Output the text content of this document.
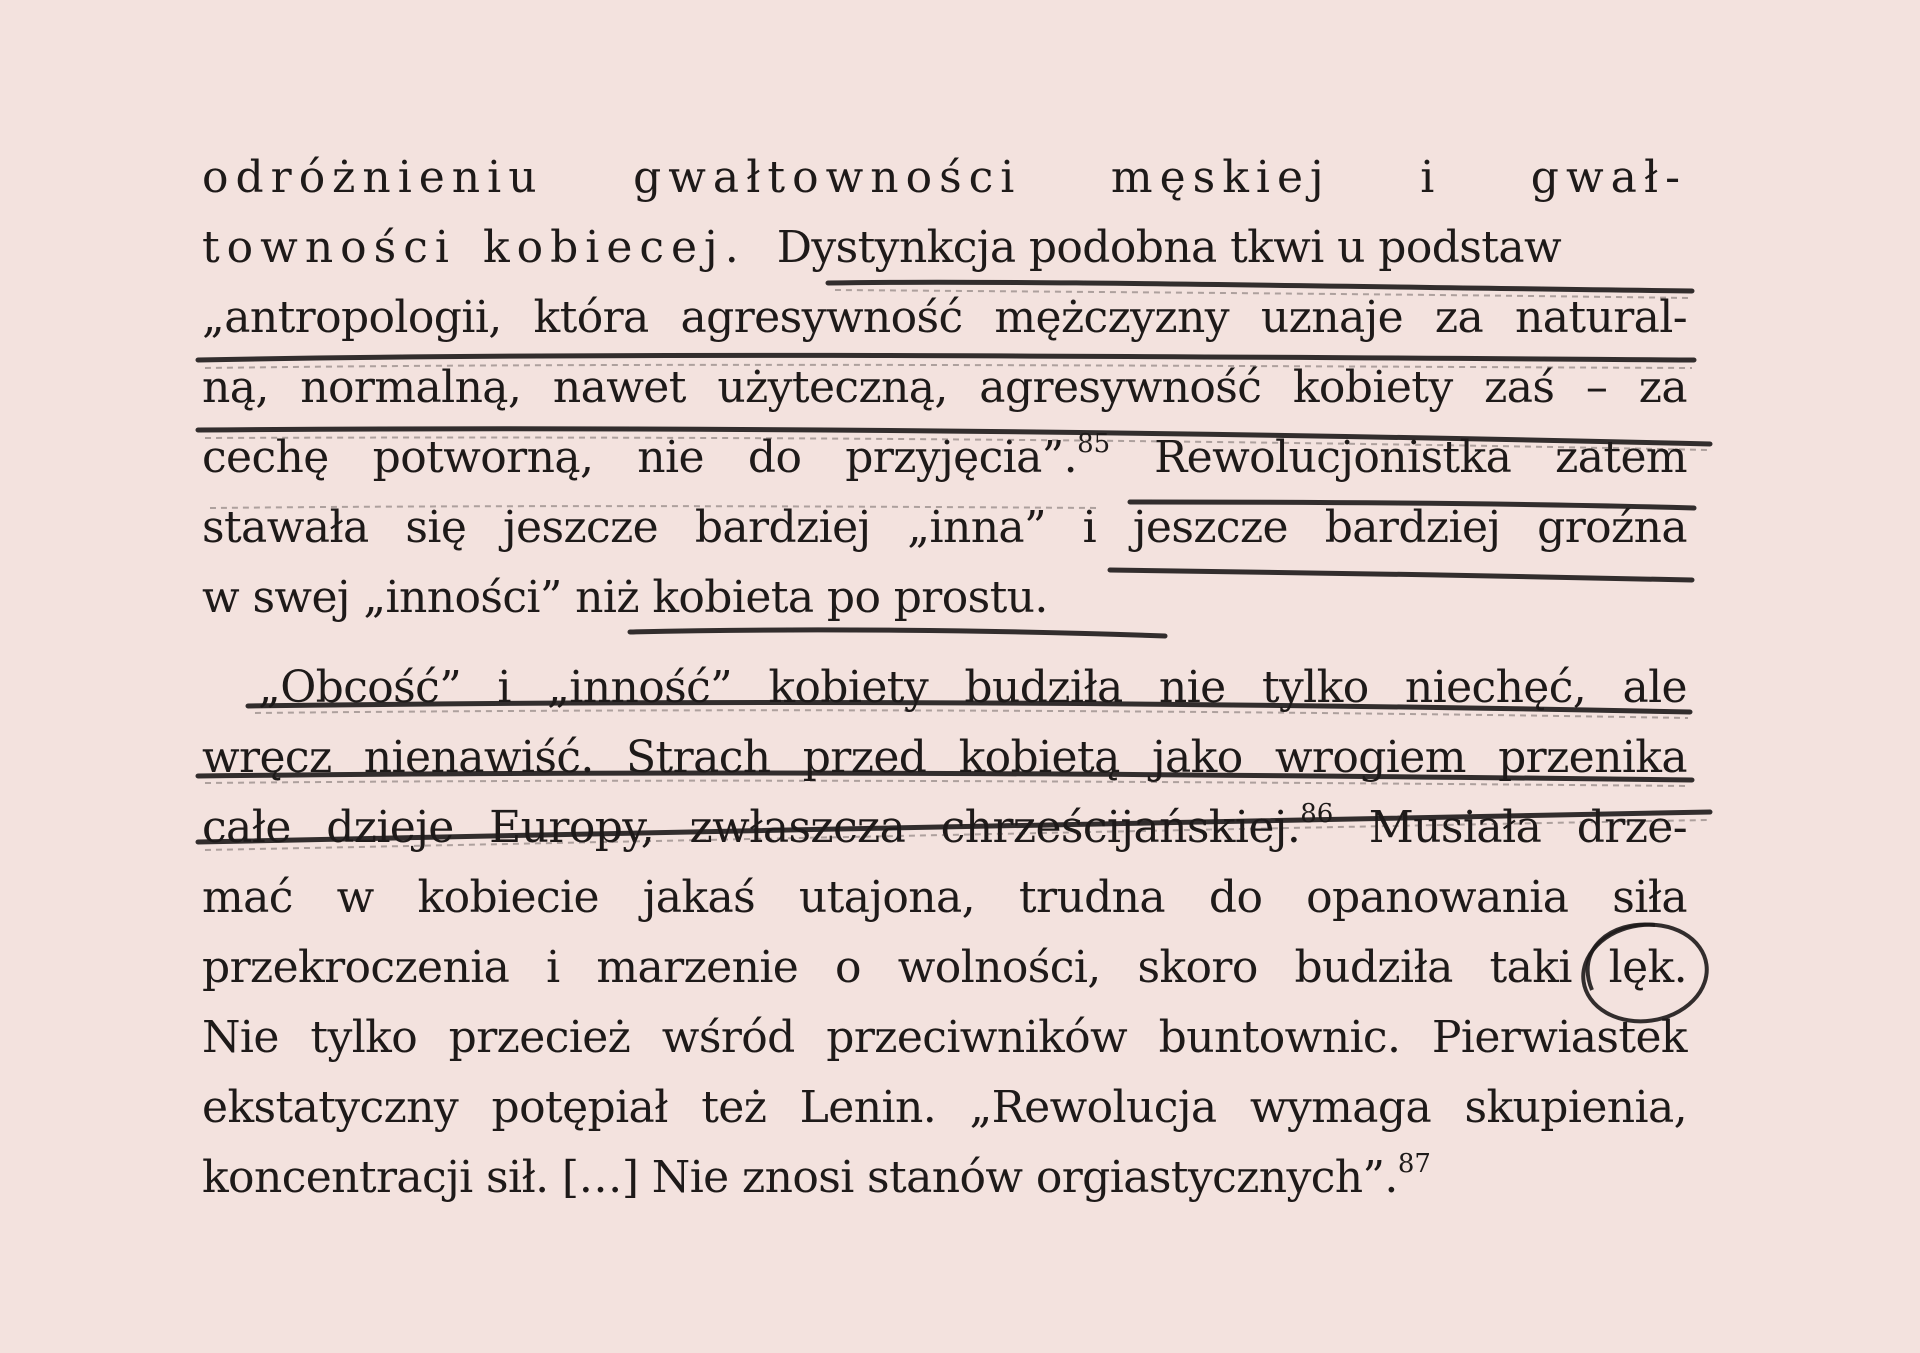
odróżnieniu gwałtowności męskiej i gwał-
towności kobiecej. Dystynkcja podobna tkwi u podstaw
„antropologii, która agresywność mężczyzny uznaje za natural-
ną, normalną, nawet użyteczną, agresywność kobiety zaś – za
cechę potworną, nie do przyjęcia”.$^{85}$ Rewolucjonistka zatem
stawała się jeszcze bardziej „inna” i jeszcze bardziej groźna
w swej „inności” niż kobieta po prostu.
„Obcość” i „inność” kobiety budziła nie tylko niechęć, ale
wręcz nienawiść. Strach przed kobietą jako wrogiem przenika
całe dzieje Europy, zwłaszcza chrześcijańskiej.$^{86}$ Musiała drze-
mać w kobiecie jakaś utajona, trudna do opanowania siła
przekroczenia i marzenie o wolności, skoro budziła taki lęk.
Nie tylko przecież wśród przeciwników buntownic. Pierwiastek
ekstatyczny potępiał też Lenin. „Rewolucja wymaga skupienia,
koncentracji sił. […] Nie znosi stanów orgiastycznych”.$^{87}$
